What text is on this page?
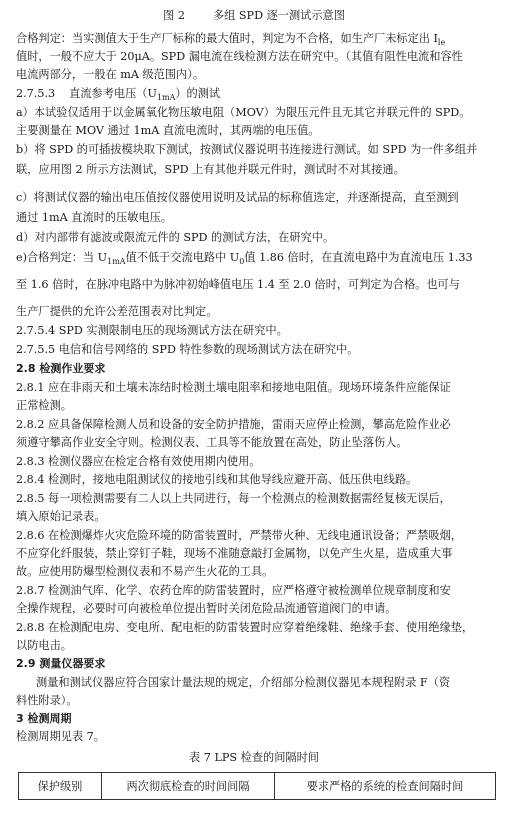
图 2	多组 SPD 逐一测试示意图
合格判定：当实测值大于生产厂标称的最大值时，判定为不合格，如生产厂未标定出 $I_{le}$
值时，一般不应大于 20μA。SPD 漏电流在线检测方法在研究中。（其值有阻性电流和容性
电流两部分，一般在 mA 级范围内）。
2.7.5.3 直流参考电压$(U_{1mA})$的测试
a）本试验仅适用于以金属氧化物压敏电阻（MOV）为限压元件且无其它并联元件的 SPD。
主要测量在 MOV 通过 1mA 直流电流时，其两端的电压值。
b）将 SPD 的可插拔模块取下测试，按测试仪器说明书连接进行测试。如 SPD 为一件多组并
联，应用图 2 所示方法测试，SPD 上有其他并联元件时，测试时不对其接通。
c）将测试仪器的输出电压值按仪器使用说明及试品的标称值选定，并逐渐提高，直至测到
通过 1mA 直流时的压敏电压。
d）对内部带有滤波或限流元件的 SPD 的测试方法，在研究中。
e)合格判定：当 $U_{1mA}$值不低于交流电路中 $U_0$值 1.86 倍时，在直流电路中为直流电压 1.33
至 1.6 倍时，在脉冲电路中为脉冲初始峰值电压 1.4 至 2.0 倍时，可判定为合格。也可与
生产厂提供的允许公差范围表对比判定。
2.7.5.4 SPD 实测限制电压的现场测试方法在研究中。
2.7.5.5 电信和信号网络的 SPD 特性参数的现场测试方法在研究中。
2.8 检测作业要求
2.8.1 应在非雨天和土壤未冻结时检测土壤电阻率和接地电阻值。现场环境条件应能保证
正常检测。
2.8.2 应具备保障检测人员和设备的安全防护措施，雷雨天应停止检测，攀高危险作业必
须遵守攀高作业安全守则。检测仪表、工具等不能放置在高处，防止坠落伤人。
2.8.3 检测仪器应在检定合格有效使用期内使用。
2.8.4 检测时，接地电阻测试仪的接地引线和其他导线应避开高、低压供电线路。
2.8.5 每一项检测需要有二人以上共同进行，每一个检测点的检测数据需经复核无误后，
填入原始记录表。
2.8.6 在检测爆炸火灾危险环境的防雷装置时，严禁带火种、无线电通讯设备；严禁吸烟，
不应穿化纤服装，禁止穿钉子鞋，现场不准随意敲打金属物，以免产生火星，造成重大事
故。应使用防爆型检测仪表和不易产生火花的工具。
2.8.7 检测油气库、化学、农药仓库的防雷装置时，应严格遵守被检测单位规章制度和安
全操作规程，必要时可向被检单位提出暂时关闭危险品流通管道阀门的申请。
2.8.8 在检测配电房、变电所、配电柜的防雷装置时应穿着绝缘鞋、绝缘手套、使用绝缘垫，
以防电击。
2.9 测量仪器要求
测量和测试仪器应符合国家计量法规的规定，介绍部分检测仪器见本规程附录 F（资
料性附录）。
3 检测周期
检测周期见表 7。
表 7 LPS 检查的间隔时间
保护级别	两次彻底检查的时间间隔	要求严格的系统的检查间隔时间
